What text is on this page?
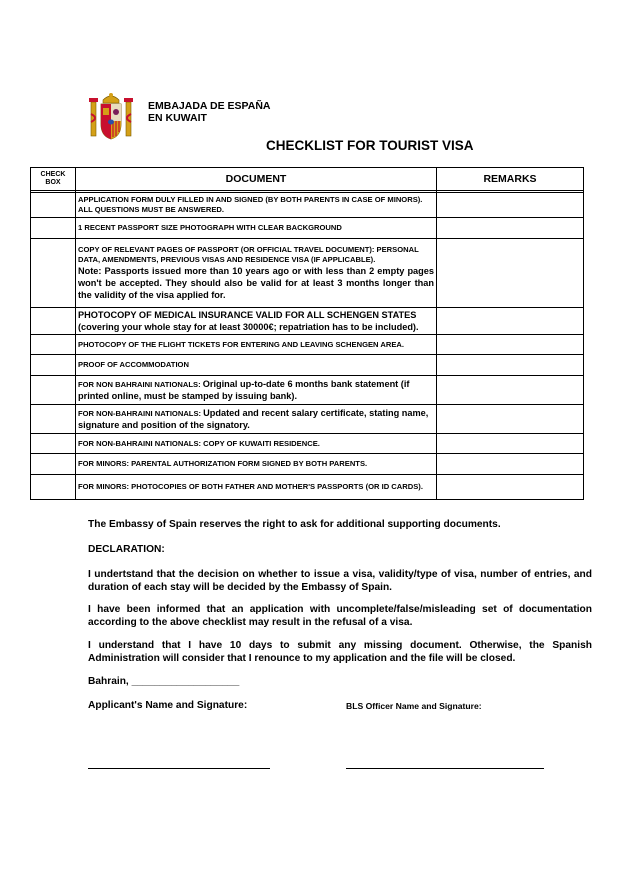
EMBAJADA DE ESPAÑA
EN KUWAIT
CHECKLIST FOR TOURIST VISA
CHECK BOX	DOCUMENT	REMARKS

	APPLICATION FORM DULY FILLED IN AND SIGNED (BY BOTH PARENTS IN CASE OF MINORS). ALL QUESTIONS MUST BE ANSWERED.	
	1 RECENT PASSPORT SIZE PHOTOGRAPH WITH CLEAR BACKGROUND	

	COPY OF RELEVANT PAGES OF PASSPORT (OR OFFICIAL TRAVEL DOCUMENT): PERSONAL DATA, AMENDMENTS, PREVIOUS VISAS AND RESIDENCE VISA (IF APPLICABLE).
Note: Passports issued more than 10 years ago or with less than 2 empty pages won't be accepted. They should also be valid for at least 3 months longer than the validity of the visa applied for.	

	PHOTOCOPY OF MEDICAL INSURANCE VALID FOR ALL SCHENGEN STATES (covering your whole stay for at least 30000€; repatriation has to be included).	
	PHOTOCOPY OF THE FLIGHT TICKETS FOR ENTERING AND LEAVING SCHENGEN AREA.	
	PROOF OF ACCOMMODATION	
	FOR NON BAHRAINI NATIONALS: Original up-to-date 6 months bank statement (if printed online, must be stamped by issuing bank).	
	FOR NON-BAHRAINI NATIONALS: Updated and recent salary certificate, stating name, signature and position of the signatory.	
	FOR NON-BAHRAINI NATIONALS: COPY OF KUWAITI RESIDENCE.	
	FOR MINORS: PARENTAL AUTHORIZATION FORM SIGNED BY BOTH PARENTS.	
	FOR MINORS: PHOTOCOPIES OF BOTH FATHER AND MOTHER'S PASSPORTS (OR ID CARDS).	
The Embassy of Spain reserves the right to ask for additional supporting documents.
DECLARATION:
I undertstand that the decision on whether to issue a visa, validity/type of visa, number of entries, and duration of each stay will be decided by the Embassy of Spain.
I have been informed that an application with uncomplete/false/misleading set of documentation according to the above checklist may result in the refusal of a visa.
I understand that I have 10 days to submit any missing document. Otherwise, the Spanish Administration will consider that I renounce to my application and the file will be closed.
Bahrain, ___________________
Applicant's Name and Signature:	BLS Officer Name and Signature:
